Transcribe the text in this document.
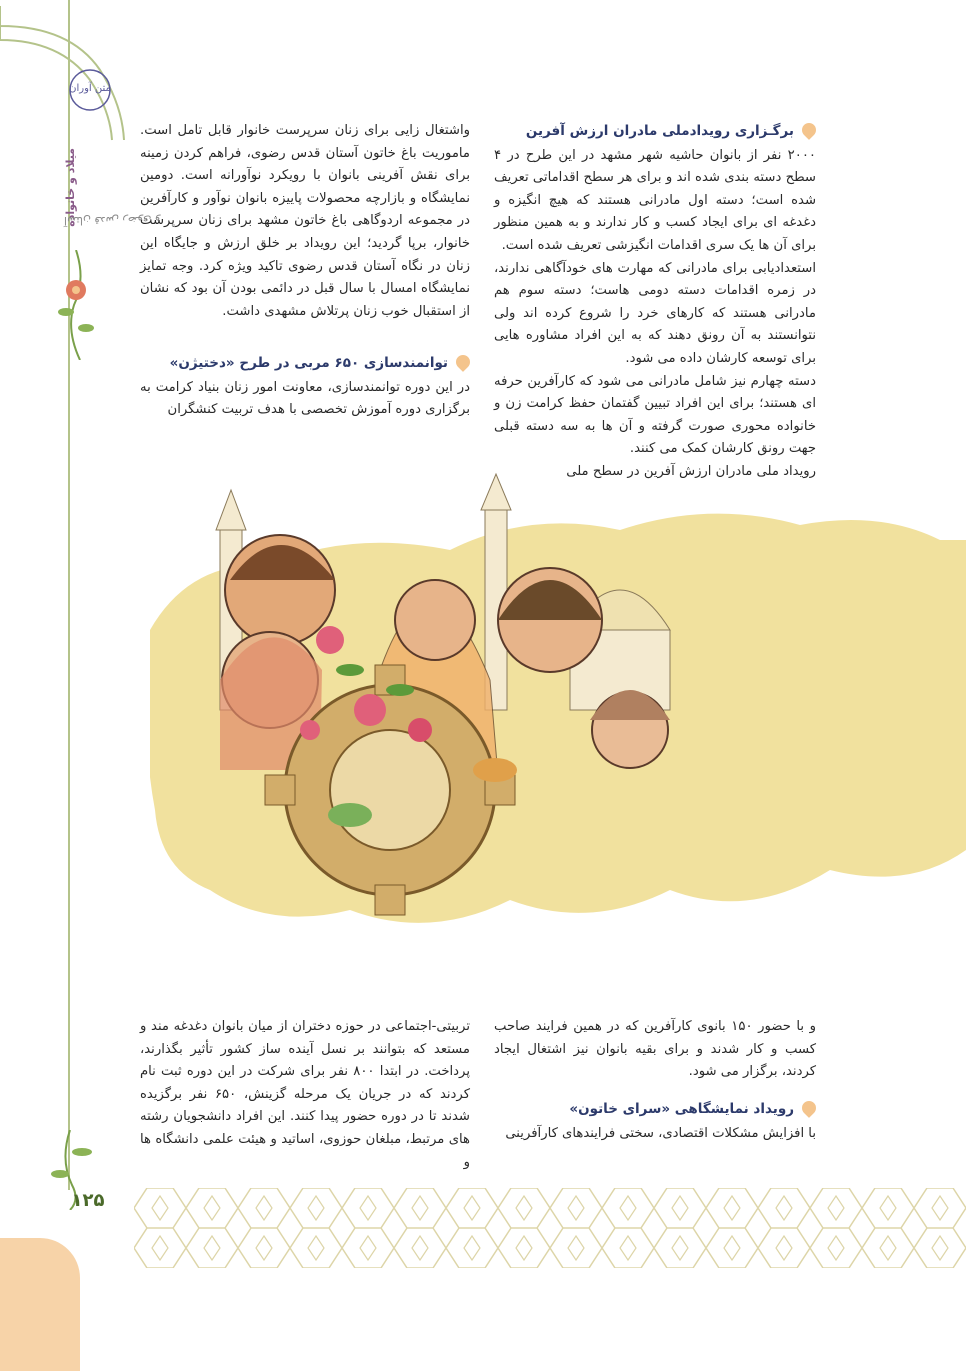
متن آوران
آستان قدس رضوی و
میلاد و خانواده
۱۲۵
برگـزاری رویدادملی مادران ارزش آفرین

۲۰۰۰ نفر از بانوان حاشیه شهر مشهد در این طرح در ۴ سطح دسته بندی شده اند و برای هر سطح اقداماتی تعریف شده است؛ دسته اول مادرانی هستند که هیچ انگیزه و دغدغه ای برای ایجاد کسب و کار ندارند و به همین منظور برای آن ها یک سری اقدامات انگیزشی تعریف شده است.

استعدادیابی برای مادرانی که مهارت های خودآگاهی ندارند، در زمره اقدامات دسته دومی هاست؛ دسته سوم هم مادرانی هستند که کارهای خرد را شروع کرده اند ولی نتوانستند به آن رونق دهند که به این افراد مشاوره هایی برای توسعه کارشان داده می شود.

دسته چهارم نیز شامل مادرانی می شود که کارآفرین حرفه ای هستند؛ برای این افراد تبیین گفتمان حفظ کرامت زن و خانواده محوری صورت گرفته و آن ها به سه دسته قبلی جهت رونق کارشان کمک می کنند.

رویداد ملی مادران ارزش آفرین در سطح ملی

واشتغال زایی برای زنان سرپرست خانوار قابل تامل است. ماموریت باغ خاتون آستان قدس رضوی، فراهم کردن زمینه برای نقش آفرینی بانوان با رویکرد نوآورانه است. دومین نمایشگاه و بازارچه محصولات پاییزه بانوان نوآور و کارآفرین در مجموعه اردوگاهی باغ خاتون مشهد برای زنان سرپرست خانوار، برپا گردید؛ این رویداد بر خلق ارزش و جایگاه این زنان در نگاه آستان قدس رضوی تاکید ویژه کرد. وجه تمایز نمایشگاه امسال با سال قبل در دائمی بودن آن بود که نشان از استقبال خوب زنان پرتلاش مشهدی داشت.

توانمندسازی ۶۵۰ مربی در طرح «دختیژن»

در این دوره توانمندسازی، معاونت امور زنان بنیاد کرامت به برگزاری دوره آموزش تخصصی با هدف تربیت کنشگران

و با حضور ۱۵۰ بانوی کارآفرین که در همین فرایند صاحب کسب و کار شدند و برای بقیه بانوان نیز اشتغال ایجاد کردند، برگزار می شود.

تربیتی-اجتماعی در حوزه دختران از میان بانوان دغدغه مند و مستعد که بتوانند بر نسل آینده ساز کشور تأثیر بگذارند، پرداخت. در ابتدا ۸۰۰ نفر برای شرکت در این دوره ثبت نام کردند که در جریان یک مرحله گزینش، ۶۵۰ نفر برگزیده شدند تا در دوره حضور پیدا کنند. این افراد دانشجویان رشته های مرتبط، مبلغان حوزوی، اساتید و هیئت علمی دانشگاه ها و

رویداد نمایشگاهی «سرای خاتون»

با افزایش مشکلات اقتصادی، سختی فرایندهای کارآفرینی
